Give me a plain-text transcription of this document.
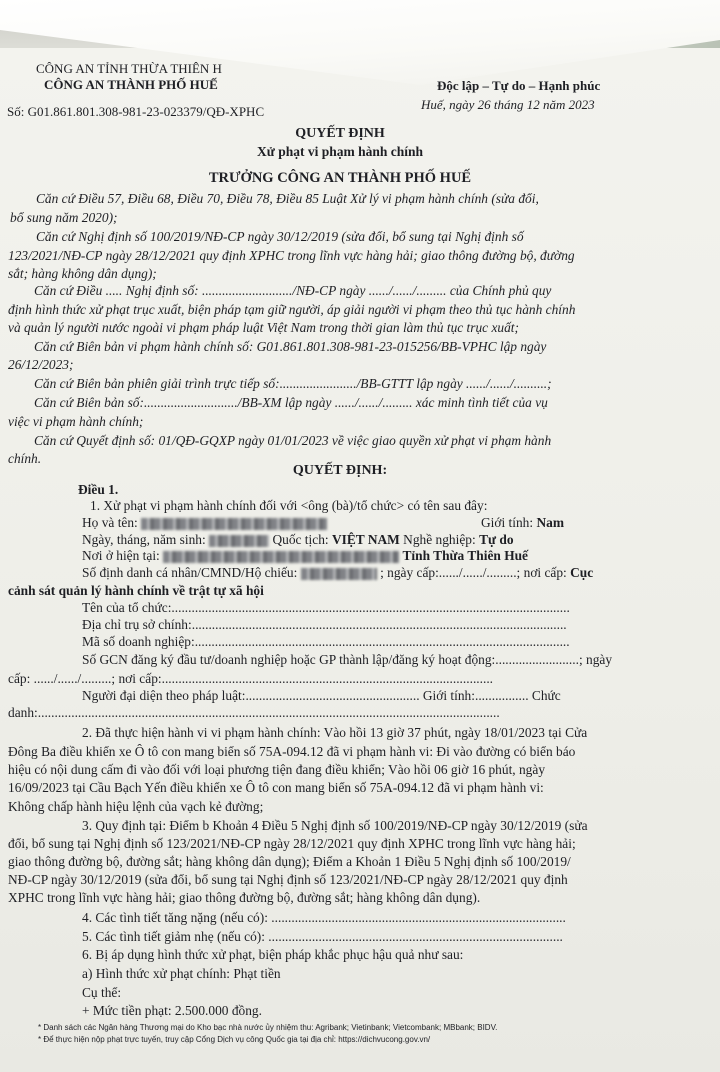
CÔNG AN TỈNH THỪA THIÊN H
CÔNG AN THÀNH PHỐ HUẾ	Độc lập – Tự do – Hạnh phúc
Số: G01.861.801.308-981-23-023379/QĐ-XPHC	Huế, ngày 26 tháng 12 năm 2023
QUYẾT ĐỊNH
Xử phạt vi phạm hành chính
TRƯỞNG CÔNG AN THÀNH PHỐ HUẾ
Căn cứ Điều 57, Điều 68, Điều 70, Điều 78, Điều 85 Luật Xử lý vi phạm hành chính (sửa đổi,
bổ sung năm 2020);
Căn cứ Nghị định số 100/2019/NĐ-CP ngày 30/12/2019 (sửa đổi, bổ sung tại Nghị định số
123/2021/NĐ-CP ngày 28/12/2021 quy định XPHC trong lĩnh vực hàng hải; giao thông đường bộ, đường
sắt; hàng không dân dụng);
Căn cứ Điều ..... Nghị định số: .........................../NĐ-CP ngày ....../....../......... của Chính phủ quy
định hình thức xử phạt trục xuất, biện pháp tạm giữ người, áp giải người vi phạm theo thủ tục hành chính
và quản lý người nước ngoài vi phạm pháp luật Việt Nam trong thời gian làm thủ tục trục xuất;
Căn cứ Biên bản vi phạm hành chính số: G01.861.801.308-981-23-015256/BB-VPHC lập ngày
26/12/2023;
Căn cứ Biên bản phiên giải trình trực tiếp số:......................./BB-GTTT lập ngày ....../....../..........;
Căn cứ Biên bản số:............................/BB-XM lập ngày ....../....../......... xác minh tình tiết của vụ
việc vi phạm hành chính;
Căn cứ Quyết định số: 01/QĐ-GQXP ngày 01/01/2023 về việc giao quyền xử phạt vi phạm hành
chính.
QUYẾT ĐỊNH:
Điều 1.
1. Xử phạt vi phạm hành chính đối với <ông (bà)/tổ chức> có tên sau đây:
Họ và tên:	Giới tính: Nam
Ngày, tháng, năm sinh:	Quốc tịch: VIỆT NAM Nghề nghiệp: Tự do
Nơi ở hiện tại:	Tỉnh Thừa Thiên Huế
Số định danh cá nhân/CMND/Hộ chiếu:	; ngày cấp:....../....../.........; nơi cấp: Cục
cảnh sát quản lý hành chính về trật tự xã hội
Tên của tổ chức:.......................................................................................................................
Địa chỉ trụ sở chính:................................................................................................................
Mã số doanh nghiệp:................................................................................................................
Số GCN đăng ký đầu tư/doanh nghiệp hoặc GP thành lập/đăng ký hoạt động:.........................; ngày
cấp: ....../....../.........; nơi cấp:...................................................................................................
Người đại diện theo pháp luật:.................................................... Giới tính:................ Chức
danh:..........................................................................................................................................
2. Đã thực hiện hành vi vi phạm hành chính: Vào hồi 13 giờ 37 phút, ngày 18/01/2023 tại Cửa
Đông Ba điều khiển xe Ô tô con mang biển số 75A-094.12 đã vi phạm hành vi: Đi vào đường có biển báo
hiệu có nội dung cấm đi vào đối với loại phương tiện đang điều khiển; Vào hồi 06 giờ 16 phút, ngày
16/09/2023 tại Cầu Bạch Yến điều khiển xe Ô tô con mang biển số 75A-094.12 đã vi phạm hành vi:
Không chấp hành hiệu lệnh của vạch kẻ đường;
3. Quy định tại: Điểm b Khoản 4 Điều 5 Nghị định số 100/2019/NĐ-CP ngày 30/12/2019 (sửa
đổi, bổ sung tại Nghị định số 123/2021/NĐ-CP ngày 28/12/2021 quy định XPHC trong lĩnh vực hàng hải;
giao thông đường bộ, đường sắt; hàng không dân dụng); Điểm a Khoản 1 Điều 5 Nghị định số 100/2019/
NĐ-CP ngày 30/12/2019 (sửa đổi, bổ sung tại Nghị định số 123/2021/NĐ-CP ngày 28/12/2021 quy định
XPHC trong lĩnh vực hàng hải; giao thông đường bộ, đường sắt; hàng không dân dụng).
4. Các tình tiết tăng nặng (nếu có): ........................................................................................
5. Các tình tiết giảm nhẹ (nếu có): ........................................................................................
6. Bị áp dụng hình thức xử phạt, biện pháp khắc phục hậu quả như sau:
a) Hình thức xử phạt chính: Phạt tiền
Cụ thể:
+ Mức tiền phạt: 2.500.000 đồng.
* Danh sách các Ngân hàng Thương mại do Kho bạc nhà nước ủy nhiệm thu: Agribank; Vietinbank; Vietcombank; MBbank; BIDV.
* Để thực hiện nộp phạt trực tuyến, truy cập Cổng Dịch vụ công Quốc gia tại địa chỉ: https://dichvucong.gov.vn/
